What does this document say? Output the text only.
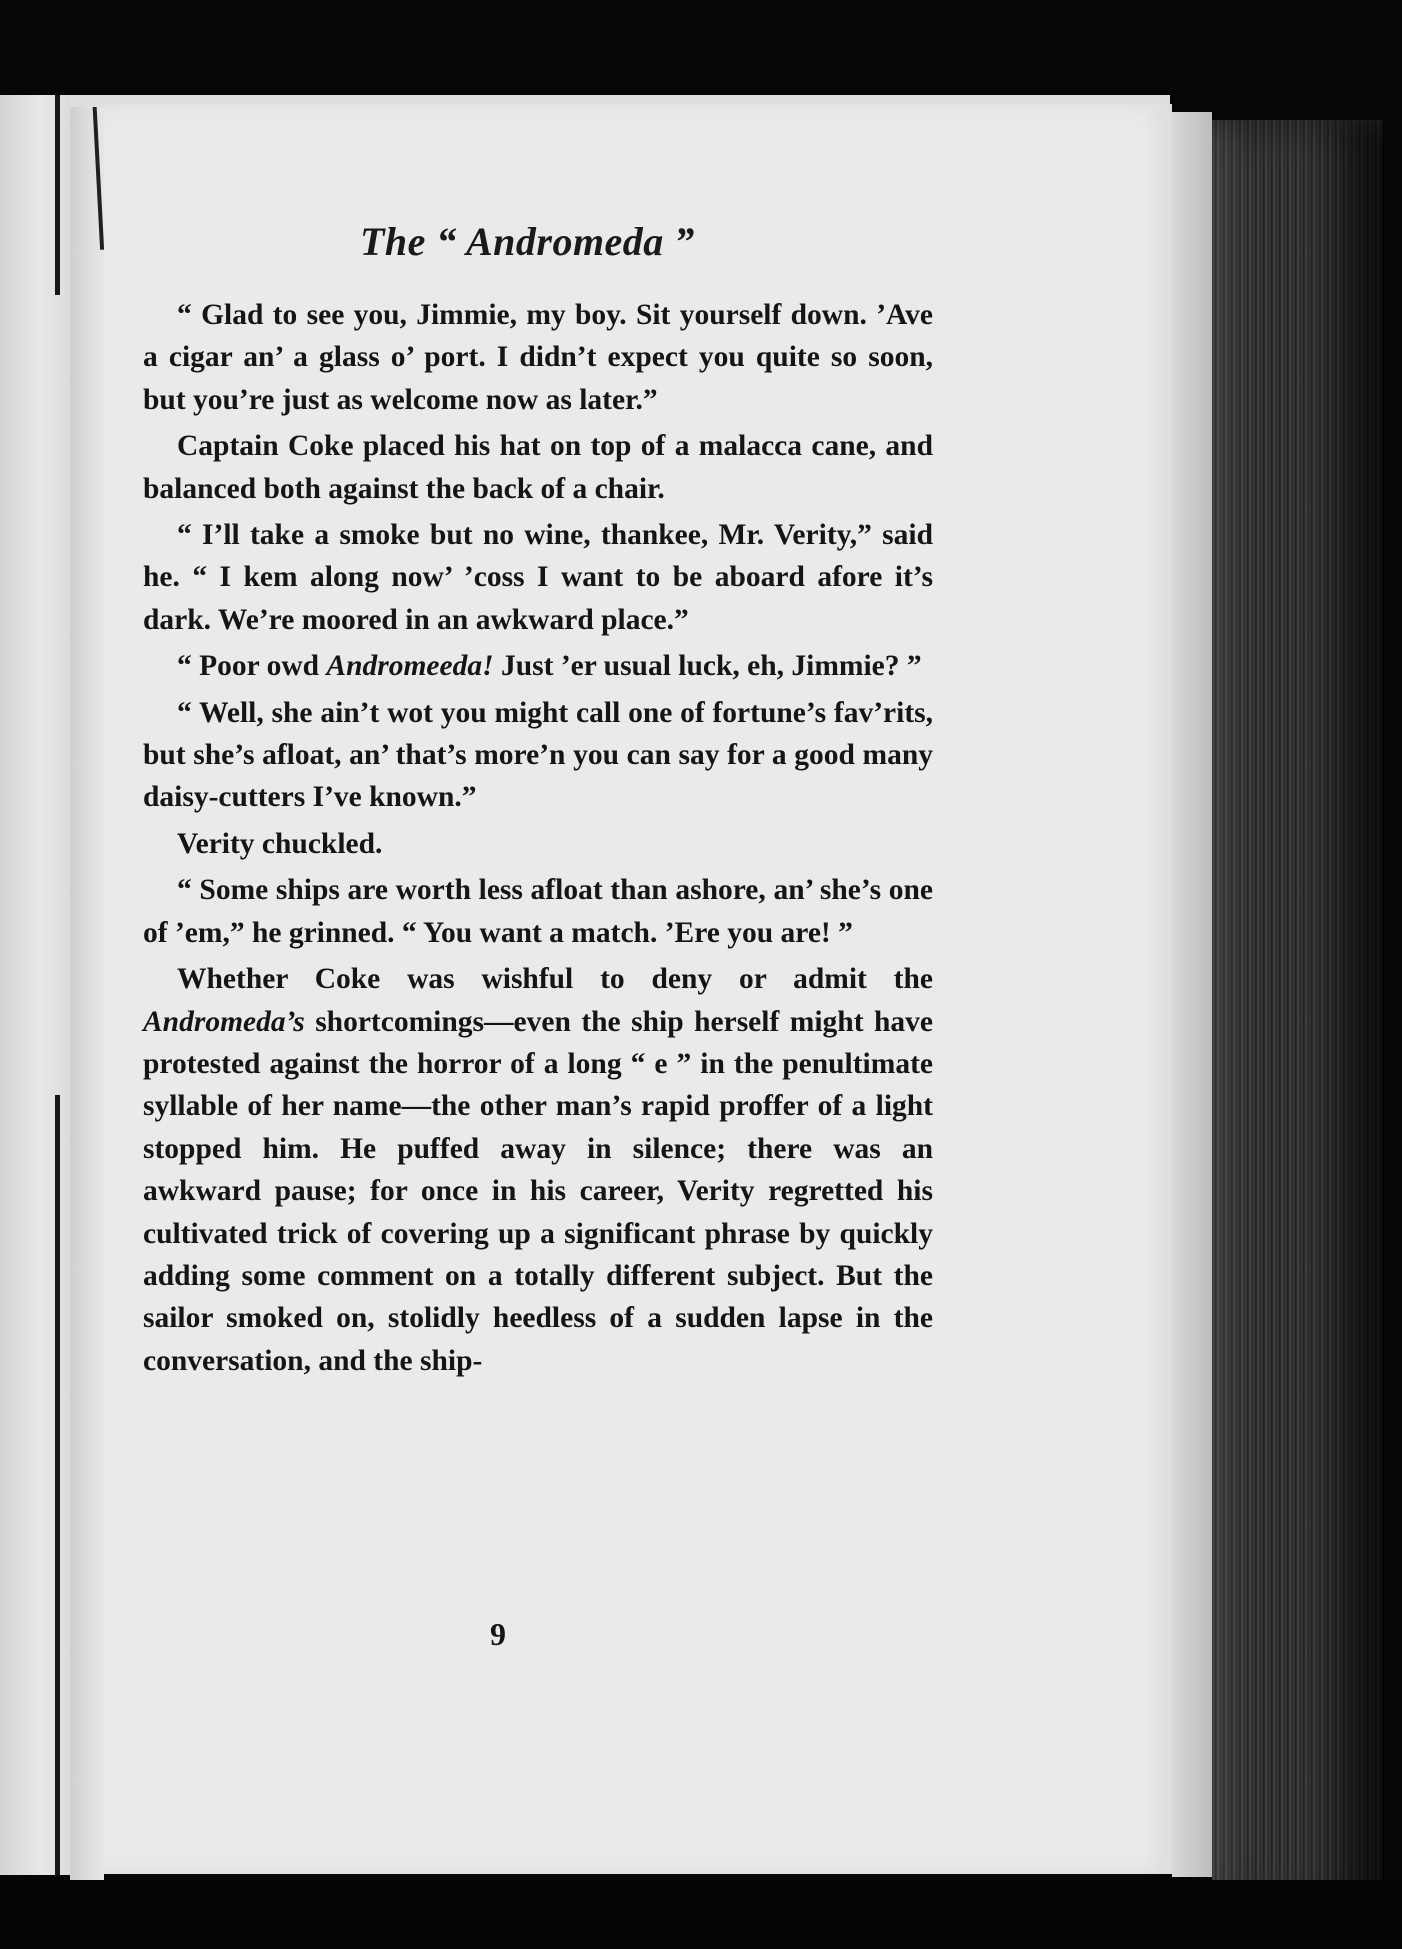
The “ Andromeda ”

“ Glad to see you, Jimmie, my boy. Sit yourself down. ’Ave a cigar an’ a glass o’ port. I didn’t expect you quite so soon, but you’re just as welcome now as later.”

Captain Coke placed his hat on top of a malacca cane, and balanced both against the back of a chair.

“ I’ll take a smoke but no wine, thankee, Mr. Verity,” said he. “ I kem along now’ ’coss I want to be aboard afore it’s dark. We’re moored in an awkward place.”

“ Poor owd Andromeeda! Just ’er usual luck, eh, Jimmie? ”

“ Well, she ain’t wot you might call one of fortune’s fav’rits, but she’s afloat, an’ that’s more’n you can say for a good many daisy-cutters I’ve known.”

Verity chuckled.

“ Some ships are worth less afloat than ashore, an’ she’s one of ’em,” he grinned. “ You want a match. ’Ere you are! ”

Whether Coke was wishful to deny or admit the Andromeda’s shortcomings—even the ship herself might have protested against the horror of a long “ e ” in the penultimate syllable of her name—the other man’s rapid proffer of a light stopped him. He puffed away in silence; there was an awkward pause; for once in his career, Verity regretted his cultivated trick of covering up a significant phrase by quickly adding some comment on a totally different subject. But the sailor smoked on, stolidly heedless of a sudden lapse in the conversation, and the ship-

9
